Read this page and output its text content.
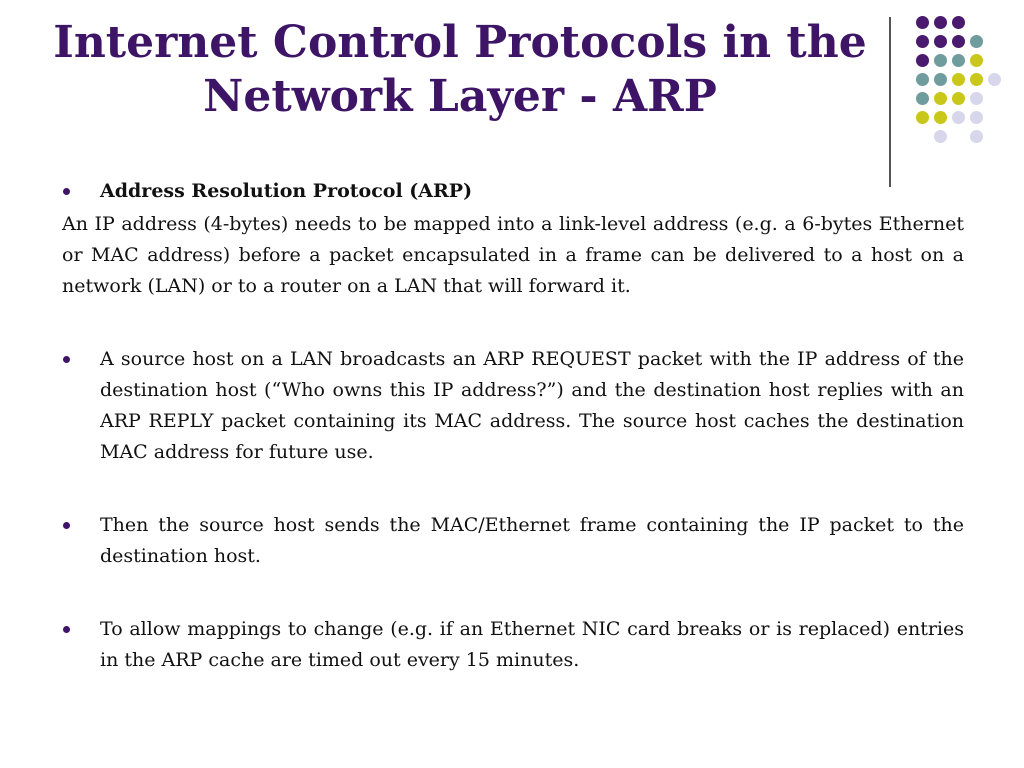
Internet Control Protocols in the Network Layer - ARP
Address Resolution Protocol (ARP)
An IP address (4-bytes) needs to be mapped into a link-level address (e.g. a 6-bytes Ethernet or MAC address) before a packet encapsulated in a frame can be delivered to a host on a network (LAN) or to a router on a LAN that will forward it.
A source host on a LAN broadcasts an ARP REQUEST packet with the IP address of the destination host (“Who owns this IP address?”) and the destination host replies with an ARP REPLY packet containing its MAC address. The source host caches the destination MAC address for future use.
Then the source host sends the MAC/Ethernet frame containing the IP packet to the destination host.
To allow mappings to change (e.g. if an Ethernet NIC card breaks or is replaced) entries in the ARP cache are timed out every 15 minutes.
